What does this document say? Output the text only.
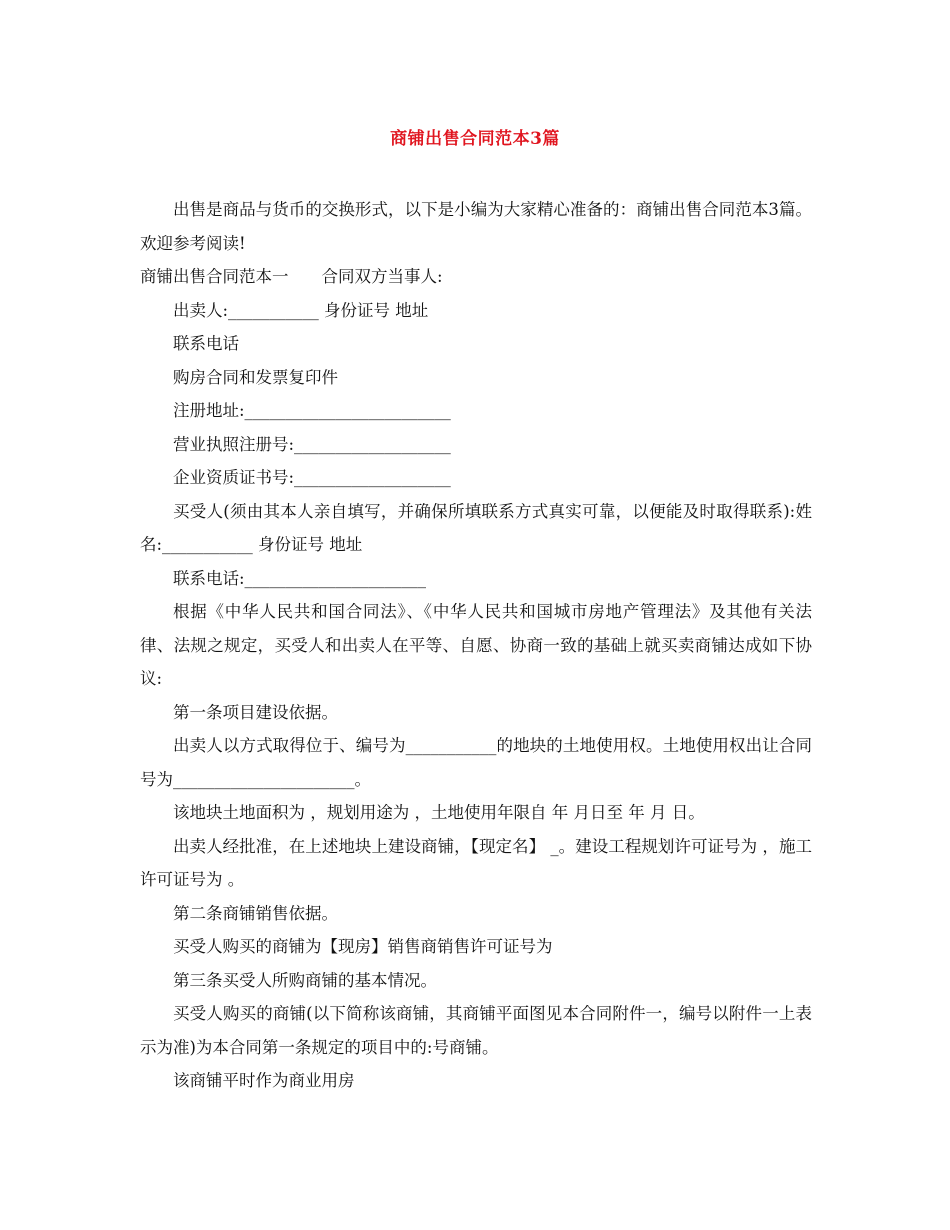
商铺出售合同范本3篇

出售是商品与货币的交换形式，以下是小编为大家精心准备的：商铺出售合同范本3篇。欢迎参考阅读!

商铺出售合同范本一　　合同双方当事人:

出卖人:___________ 身份证号 地址

联系电话

购房合同和发票复印件

注册地址:_________________________

营业执照注册号:___________________

企业资质证书号:___________________

买受人(须由其本人亲自填写，并确保所填联系方式真实可靠，以便能及时取得联系):姓名:___________ 身份证号 地址

联系电话:______________________

根据《中华人民共和国合同法》、《中华人民共和国城市房地产管理法》及其他有关法律、法规之规定，买受人和出卖人在平等、自愿、协商一致的基础上就买卖商铺达成如下协议:

第一条项目建设依据。

出卖人以方式取得位于、编号为___________的地块的土地使用权。土地使用权出让合同号为______________________。

该地块土地面积为 ，规划用途为 ，土地使用年限自 年 月日至 年 月 日。

出卖人经批准，在上述地块上建设商铺，【现定名】 _。建设工程规划许可证号为 ，施工许可证号为 。

第二条商铺销售依据。

买受人购买的商铺为【现房】销售商销售许可证号为

第三条买受人所购商铺的基本情况。

买受人购买的商铺(以下简称该商铺，其商铺平面图见本合同附件一，编号以附件一上表示为准)为本合同第一条规定的项目中的:号商铺。

该商铺平时作为商业用房
